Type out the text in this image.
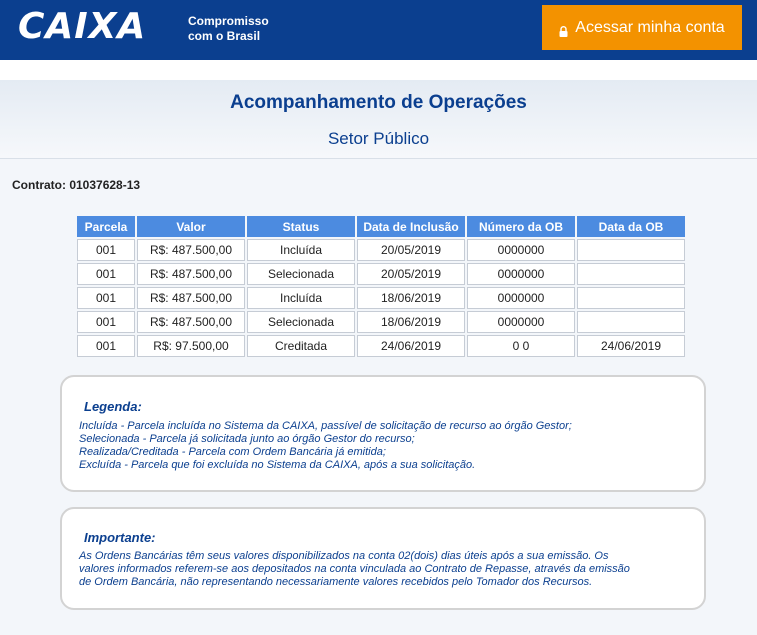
CAIXA	Compromisso
com o Brasil
Acessar minha conta
Acompanhamento de Operações
Setor Público
Contrato: 01037628-13
Parcela	Valor	Status	Data de Inclusão	Número da OB	Data da OB
001	R$: 487.500,00	Incluída	20/05/2019	0000000	
001	R$: 487.500,00	Selecionada	20/05/2019	0000000	
001	R$: 487.500,00	Incluída	18/06/2019	0000000	
001	R$: 487.500,00	Selecionada	18/06/2019	0000000	
001	R$: 97.500,00	Creditada	24/06/2019	0 0	24/06/2019
Legenda:
Incluída - Parcela incluída no Sistema da CAIXA, passível de solicitação de recurso ao órgão Gestor;
Selecionada - Parcela já solicitada junto ao órgão Gestor do recurso;
Realizada/Creditada - Parcela com Ordem Bancária já emitida;
Excluída - Parcela que foi excluída no Sistema da CAIXA, após a sua solicitação.
Importante:
As Ordens Bancárias têm seus valores disponibilizados na conta 02(dois) dias úteis após a sua emissão. Os
valores informados referem-se aos depositados na conta vinculada ao Contrato de Repasse, através da emissão
de Ordem Bancária, não representando necessariamente valores recebidos pelo Tomador dos Recursos.
